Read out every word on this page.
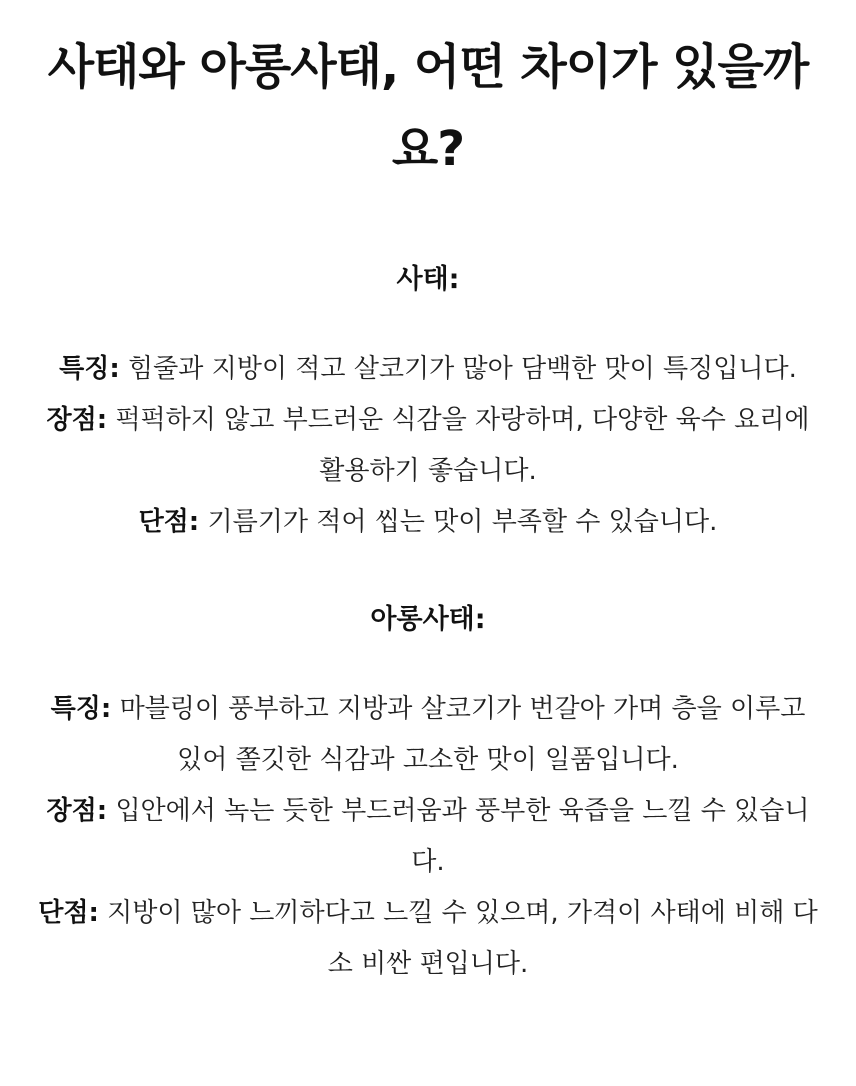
사태와 아롱사태, 어떤 차이가 있을까요?
사태:

특징: 힘줄과 지방이 적고 살코기가 많아 담백한 맛이 특징입니다.

장점: 퍽퍽하지 않고 부드러운 식감을 자랑하며, 다양한 육수 요리에 활용하기 좋습니다.

단점: 기름기가 적어 씹는 맛이 부족할 수 있습니다.

아롱사태:

특징: 마블링이 풍부하고 지방과 살코기가 번갈아 가며 층을 이루고 있어 쫄깃한 식감과 고소한 맛이 일품입니다.

장점: 입안에서 녹는 듯한 부드러움과 풍부한 육즙을 느낄 수 있습니다.

단점: 지방이 많아 느끼하다고 느낄 수 있으며, 가격이 사태에 비해 다소 비싼 편입니다.
